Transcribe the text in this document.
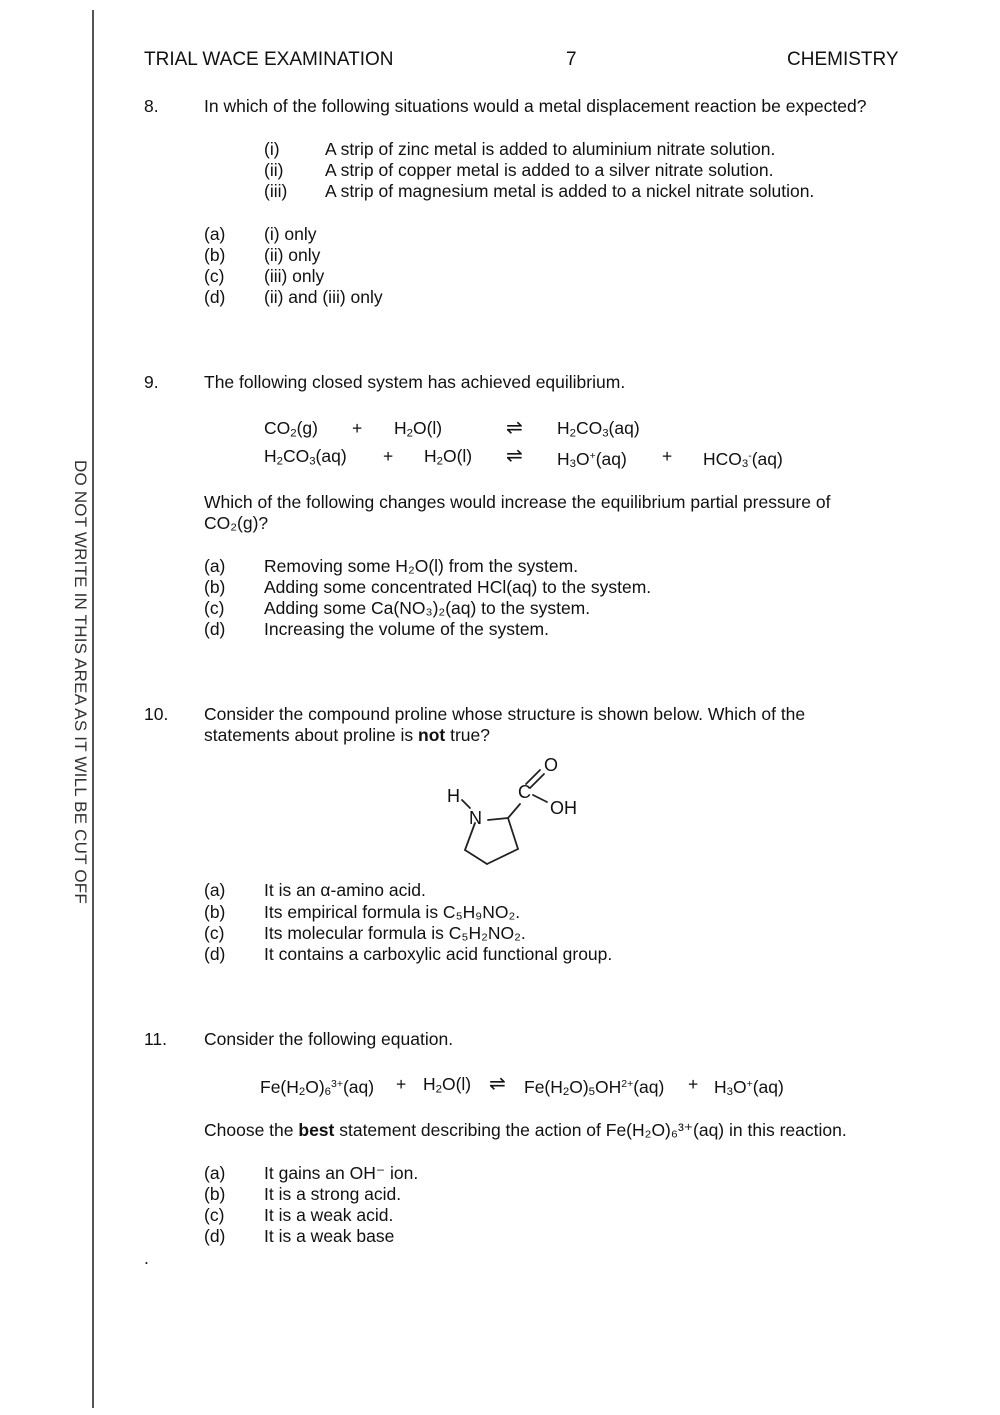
DO NOT WRITE IN THIS AREA AS IT WILL BE CUT OFF
TRIAL WACE EXAMINATION	7	CHEMISTRY
8.	In which of the following situations would a metal displacement reaction be expected?
(i)	A strip of zinc metal is added to aluminium nitrate solution.
(ii) A strip of copper metal is added to a silver nitrate solution.
(iii) A strip of magnesium metal is added to a nickel nitrate solution.
(a) (i) only
(b) (ii) only
(c) (iii) only
(d) (ii) and (iii) only
9.	The following closed system has achieved equilibrium.
$CO_2(g) + H_2O(l)$	⇌ $H_2CO_3(aq)$
$H_2CO_3(aq) + H_2O(l)$ ⇌ $H_3O^+(aq) + HCO_3^-(aq)$
Which of the following changes would increase the equilibrium partial pressure of
CO₂(g)?
(a) Removing some H₂O(l) from the system.
(b) Adding some concentrated HCl(aq) to the system.
(c) Adding some Ca(NO₃)₂(aq) to the system.
(d) Increasing the volume of the system.
10. Consider the compound proline whose structure is shown below. Which of the
statements about proline is not true?
H
N
C
O
OH
(a) It is an α-amino acid.
(b) Its empirical formula is C₅H₉NO₂.
(c) Its molecular formula is C₅H₂NO₂.
(d) It contains a carboxylic acid functional group.
11. Consider the following equation.
$Fe(H_2O)_6^{3+}(aq) + H_2O(l)$ ⇌ $Fe(H_2O)_5OH^{2+}(aq) + H_3O^+(aq)$
Choose the best statement describing the action of Fe(H₂O)₆³⁺(aq) in this reaction.
(a) It gains an OH⁻ ion.
(b) It is a strong acid.
(c) It is a weak acid.
(d) It is a weak base
.
